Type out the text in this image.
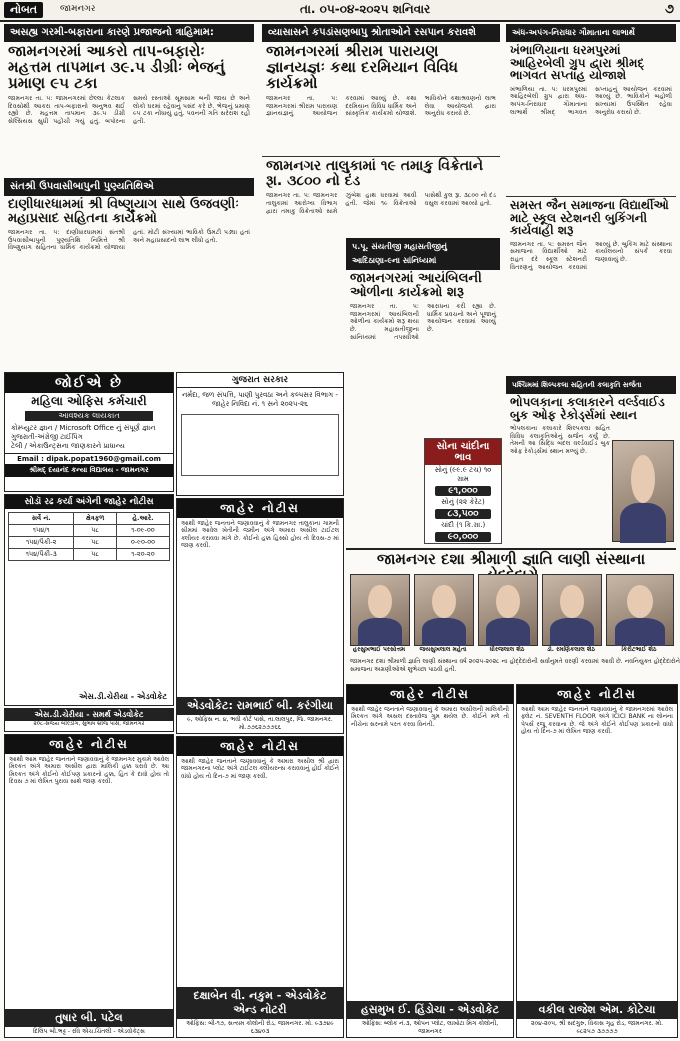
નોબત	જામનગર	તા. ૦૫-૦૪-૨૦૨૫ શનિવાર	૭
અસહ્ય ગરમી-બફારાના કારણે પ્રજાજનો ત્રાહિમામ:
જામનગરમાં આકરો તાપ-બફારોઃ મહત્તમ તાપમાન ૩૯.૫ ડીગ્રીઃ ભેજનું પ્રમાણ ૯૫ ટકા
જામનગર તા. ૫: જામનગરમાં છેલ્લા કેટલાક દિવસોથી આકરા તાપ-બફારાનો અનુભવ થઈ રહ્યો છે. મહત્તમ તાપમાન ૩૯.૫ ડીગ્રી સેલ્સિયસ સુધી પહોંચી ગયું હતું. બપોરના સમયે રસ્તાઓ સૂમસામ બની જાય છે અને લોકો ઘરમાં રહેવાનું પસંદ કરે છે. ભેજનું પ્રમાણ ૯૫ ટકા નોંધાયું હતું. પવનની ગતિ સરેરાશ રહી હતી.
સંતશ્રી ઉપવાસીબાપુની પુણ્યતિથિએ
દાણીધારધામમાં શ્રી વિષ્ણુયાગ સાથે ઉજવણીઃ મહાપ્રસાદ સહિતના કાર્યક્રમો
જામનગર તા. ૫: દાણીધારધામમાં સંતશ્રી ઉપવાસીબાપુની પુણ્યતિથિ નિમિત્તે શ્રી વિષ્ણુયાગ સહિતના ધાર્મિક કાર્યક્રમો યોજાયા હતાં. મોટી સંખ્યામાં ભાવિકો ઉમટી પડ્યા હતાં અને મહાપ્રસાદનો લાભ લીધો હતો.
જોઈએ છે
મહિલા ઓફિસ કર્મચારી
આવશ્યક લાયકાત
કોમ્પ્યુટર જ્ઞાન / Microsoft Office નું સંપૂર્ણ જ્ઞાન
ગુજરાતી-અંગ્રેજી ટાઈપિંગ
ટેલી / એકાઉન્ટ્સના જાણકારને પ્રાધાન્ય
Email : dipak.popat1960@gmail.com
શ્રીમદ્ દયાનંદ કન્યા વિદ્યાલય - જામનગર
સોડૉ રઢ કર્યા અંગેની જાહેર નોટીસ
સર્વે નં.	ક્ષેત્રફળ	હે.આરે.
૧૫૪/૧	૫૮	૧-૦૯-૦૦
૧૫૪/પૈકી-૨	૫૮	૦-૯૦-૦૦
૧૫૪/પૈકી-૩	૫૮	૧-૨૦-૨૦
એસ.ડી.ચેરીયા - એડવોકેટ
એસ.ડી.ચેરીયા - સમર્થ એડવોકેટ
૨૦૮-સંજય બીલ્ડીંગ, સુભાષ બ્રીજ પાસે, જામનગર
જાહેર નોટીસ
આથી આમ જાહેર જનતાને જણાવવાનું કે જામનગર મુકામે આવેલ મિલ્કત અંગે અમારા અસીલ દ્વારા માલિકી હક્ક ધરાવે છે. આ મિલ્કત અંગે કોઈનો કોઈપણ પ્રકારનો હક્ક, હિત કે દાવો હોય તો દિવસ ૭ માં લેખિત પુરાવા સાથે જાણ કરવી.
તુષાર બી. પટેલ
દિલિપ બી.ભટ્ટ - રવિ એચ.ચિંતલી - એડવોકેટ્સ
ગુજરાત સરકાર
નર્મદા, જળ સંપત્તિ, પાણી પુરવઠા અને કલ્પસર વિભાગ - જાહેર નિવિદા નં. ૧ સને ૨૦૨૫-૨૬
જાહેર નોટીસ
આથી જાહેર જનતાને જણાવવાનું કે જામનગર તાલુકાના ગામની સીમમાં આવેલ ખેતીની જમીન અંગે અમારા અસીલ ટાઈટલ ક્લીયર કરાવવા માંગે છે. કોઈનો હક્ક હિસ્સો હોય તો દિવસ-૭ માં જાણ કરવી.
એડવોકેટ: રામભાઈ બી. કરંગીયા
૯, ઓફિસ ન. ૪, ભવી કોર્ટ પાસે, તા.લાલપુર, જિ. જામનગર. મો.૭૭૬૨૭૭૭૬૬
જાહેર નોટીસ
આથી જાહેર જનતાને જણાવવાનું કે અમારા અસીલ શ્રી દ્વારા જામનગરના પ્લોટ અંગે ટાઈટલ ક્લીયરન્સ કરાવવાનું હોઈ કોઈને વાંધો હોય તો દિન-૭ માં જાણ કરવી.
દક્ષાબેન વી. નકુમ - એડવોકેટ એન્ડ નોટરી
ઓફિસ: બી-૧૭, સત્યમ કોલોની રોડ, જામનગર. મો. ૯૩૭૪૯ ૬૩૪૦૩
વ્યાસાસને કપડાંસણબાપુ શ્રોતાઓને રસપાન કરાવશે
જામનગરમાં શ્રીરામ પારાયણ જ્ઞાનયજ્ઞઃ કથા દરમિયાન વિવિધ કાર્યક્રમો
જામનગર તા. ૫: જામનગરમાં શ્રીરામ પારાયણ જ્ઞાનયજ્ઞનું આયોજન કરવામાં આવ્યું છે. કથા દરમિયાન વિવિધ ધાર્મિક અને સાંસ્કૃતિક કાર્યક્રમો યોજાશે. ભાવિકોને કથાશ્રવણનો લાભ લેવા આયોજકો દ્વારા અનુરોધ કરાયો છે.
જામનગર તાલુકામાં ૧૯ તમાકુ વિક્રેતાને રૂા. ૩૮૦૦ નો દંડ
જામનગર તા. ૫: જામનગર તાલુકામાં આરોગ્ય વિભાગ દ્વારા તમાકુ વિક્રેતાઓ સામે ઝુંબેશ હાથ ધરવામાં આવી હતી. જેમાં ૧૯ વિક્રેતાઓ પાસેથી કુલ રૂા. ૩૮૦૦ નો દંડ વસુલ કરવામાં આવ્યો હતો.
પ.પૂ. સંયતીજી મહાસતીજીનું આદિઠાણા-૯ના સાંનિધ્યમાં
જામનગરમાં આયંબિલની ઓળીના કાર્યક્રમો શરૂ
જામનગર તા. ૫: જામનગરમાં આયંબિલની ઓળીના કાર્યક્રમો શરૂ થયા છે. મહાસતીજીના સાંનિધ્યમાં તપસ્વીઓ આરાધના કરી રહ્યા છે. ધાર્મિક પ્રવચનો અને પૂજાનું આયોજન કરવામાં આવ્યું છે.
સોના ચાંદીના ભાવ
સોનું (૯૯.૯ ટચ) ૧૦ ગ્રામ
૯૧,૦૦૦
સોનું (૨૨ કેરેટ)
૮૩,૫૦૦
ચાંદી (૧ કિ.ગ્રા.)
૯૦,૦૦૦
જામનગર દશા શ્રીમાળી જ્ઞાતિ લાણી સંસ્થાના
હરસુખભાઈ પરસોત્તમ	જયસુખલાલ મહેતા	ધીરજલાલ શેઠ	ડો. રમણિકલાલ શેઠ	કિરીટભાઈ શેઠ
જામનગર દશા શ્રીમાળી જ્ઞાતિ લાણી સંસ્થાના વર્ષ ૨૦૨૫-૨૦૨૮ ના હોદ્દેદારોની સર્વાનુમતે વરણી કરવામાં આવી છે. નવનિયુક્ત હોદ્દેદારોને સમાજના અગ્રણીઓએ શુભેચ્છા પાઠવી હતી.
જાહેર નોટીસ
આથી જાહેર જનતાને જણાવવાનું કે અમારા અસીલની માલિકીની મિલ્કત અંગે અસલ દસ્તાવેજ ગુમ થયેલ છે. કોઈને મળે તો નીચેના સરનામે પરત કરવા વિનંતી.
હસમુખ ઈ. હિંડોચા - એડવોકેટ
ઓફિસ: બ્લોક નં.૩, ઓપન પ્લોટ, લાખોટા મિગ કોલોની, જામનગર
જાહેર નોટીસ
આથી આમ જાહેર જનતાને જણાવવાનું કે જામનગરમાં આવેલ ફ્લેટ નં. SEVENTH FLOOR અંગે ICICI BANK ના લોનના પેપર્સ રજૂ કરવાના છે. જે અંગે કોઈને કોઈપણ પ્રકારનો વાંધો હોય તો દિન-૭ માં લેખિત જાણ કરવી.
વકીલ રાજેશ એમ. કોટેચા
૨૦૪-૨૦૫, શ્રી સદગુરુ, વિકાસ ગૃહ રોડ, જામનગર. મો. ૯૮૨૫૭ ૩૭૭૭૭
અંધ-અપંગ-નિરાધાર ગૌમાતાના લાભાર્થે
ખંભાળિયાના ધરમપુરમાં આહિરબેલી ગ્રુપ દ્વારા શ્રીમદ્ ભાગવત સપ્તાહ યોજાશે
ખંભાળિયા તા. ૫: ધરમપુરમાં આહિરબેલી ગ્રુપ દ્વારા અંધ-અપંગ-નિરાધાર ગૌમાતાના લાભાર્થે શ્રીમદ્ ભાગવત સપ્તાહનું આયોજન કરવામાં આવ્યું છે. ભાવિકોને બહોળી સંખ્યામાં ઉપસ્થિત રહેવા અનુરોધ કરાયો છે.
સમસ્ત જૈન સમાજના વિદ્યાર્થીઓ માટે સ્કૂલ સ્ટેશનરી બુકિંગની કાર્યવાહી શરૂ
જામનગર તા. ૫: સમસ્ત જૈન સમાજના વિદ્યાર્થીઓ માટે રાહત દરે સ્કૂલ સ્ટેશનરી વિતરણનું આયોજન કરવામાં આવ્યું છે. બુકિંગ માટે સંસ્થાના કાર્યાલયનો સંપર્ક કરવા જણાવાયું છે.
પશ્ચિમમાં શિલ્પકલા સહિતની કલાકૃતિ સર્જતા
ભોપલકાના કલાકારને વર્લ્ડવાઈડ બુક ઓફ રેકોર્ડ્સમાં સ્થાન
ભોપલકાના કલાકારે શિલ્પકલા સહિત વિવિધ કલાકૃતિઓનું સર્જન કર્યું છે. તેમની આ સિદ્ધિ બદલ વર્લ્ડવાઈડ બુક ઓફ રેકોર્ડ્સમાં સ્થાન મળ્યું છે.
